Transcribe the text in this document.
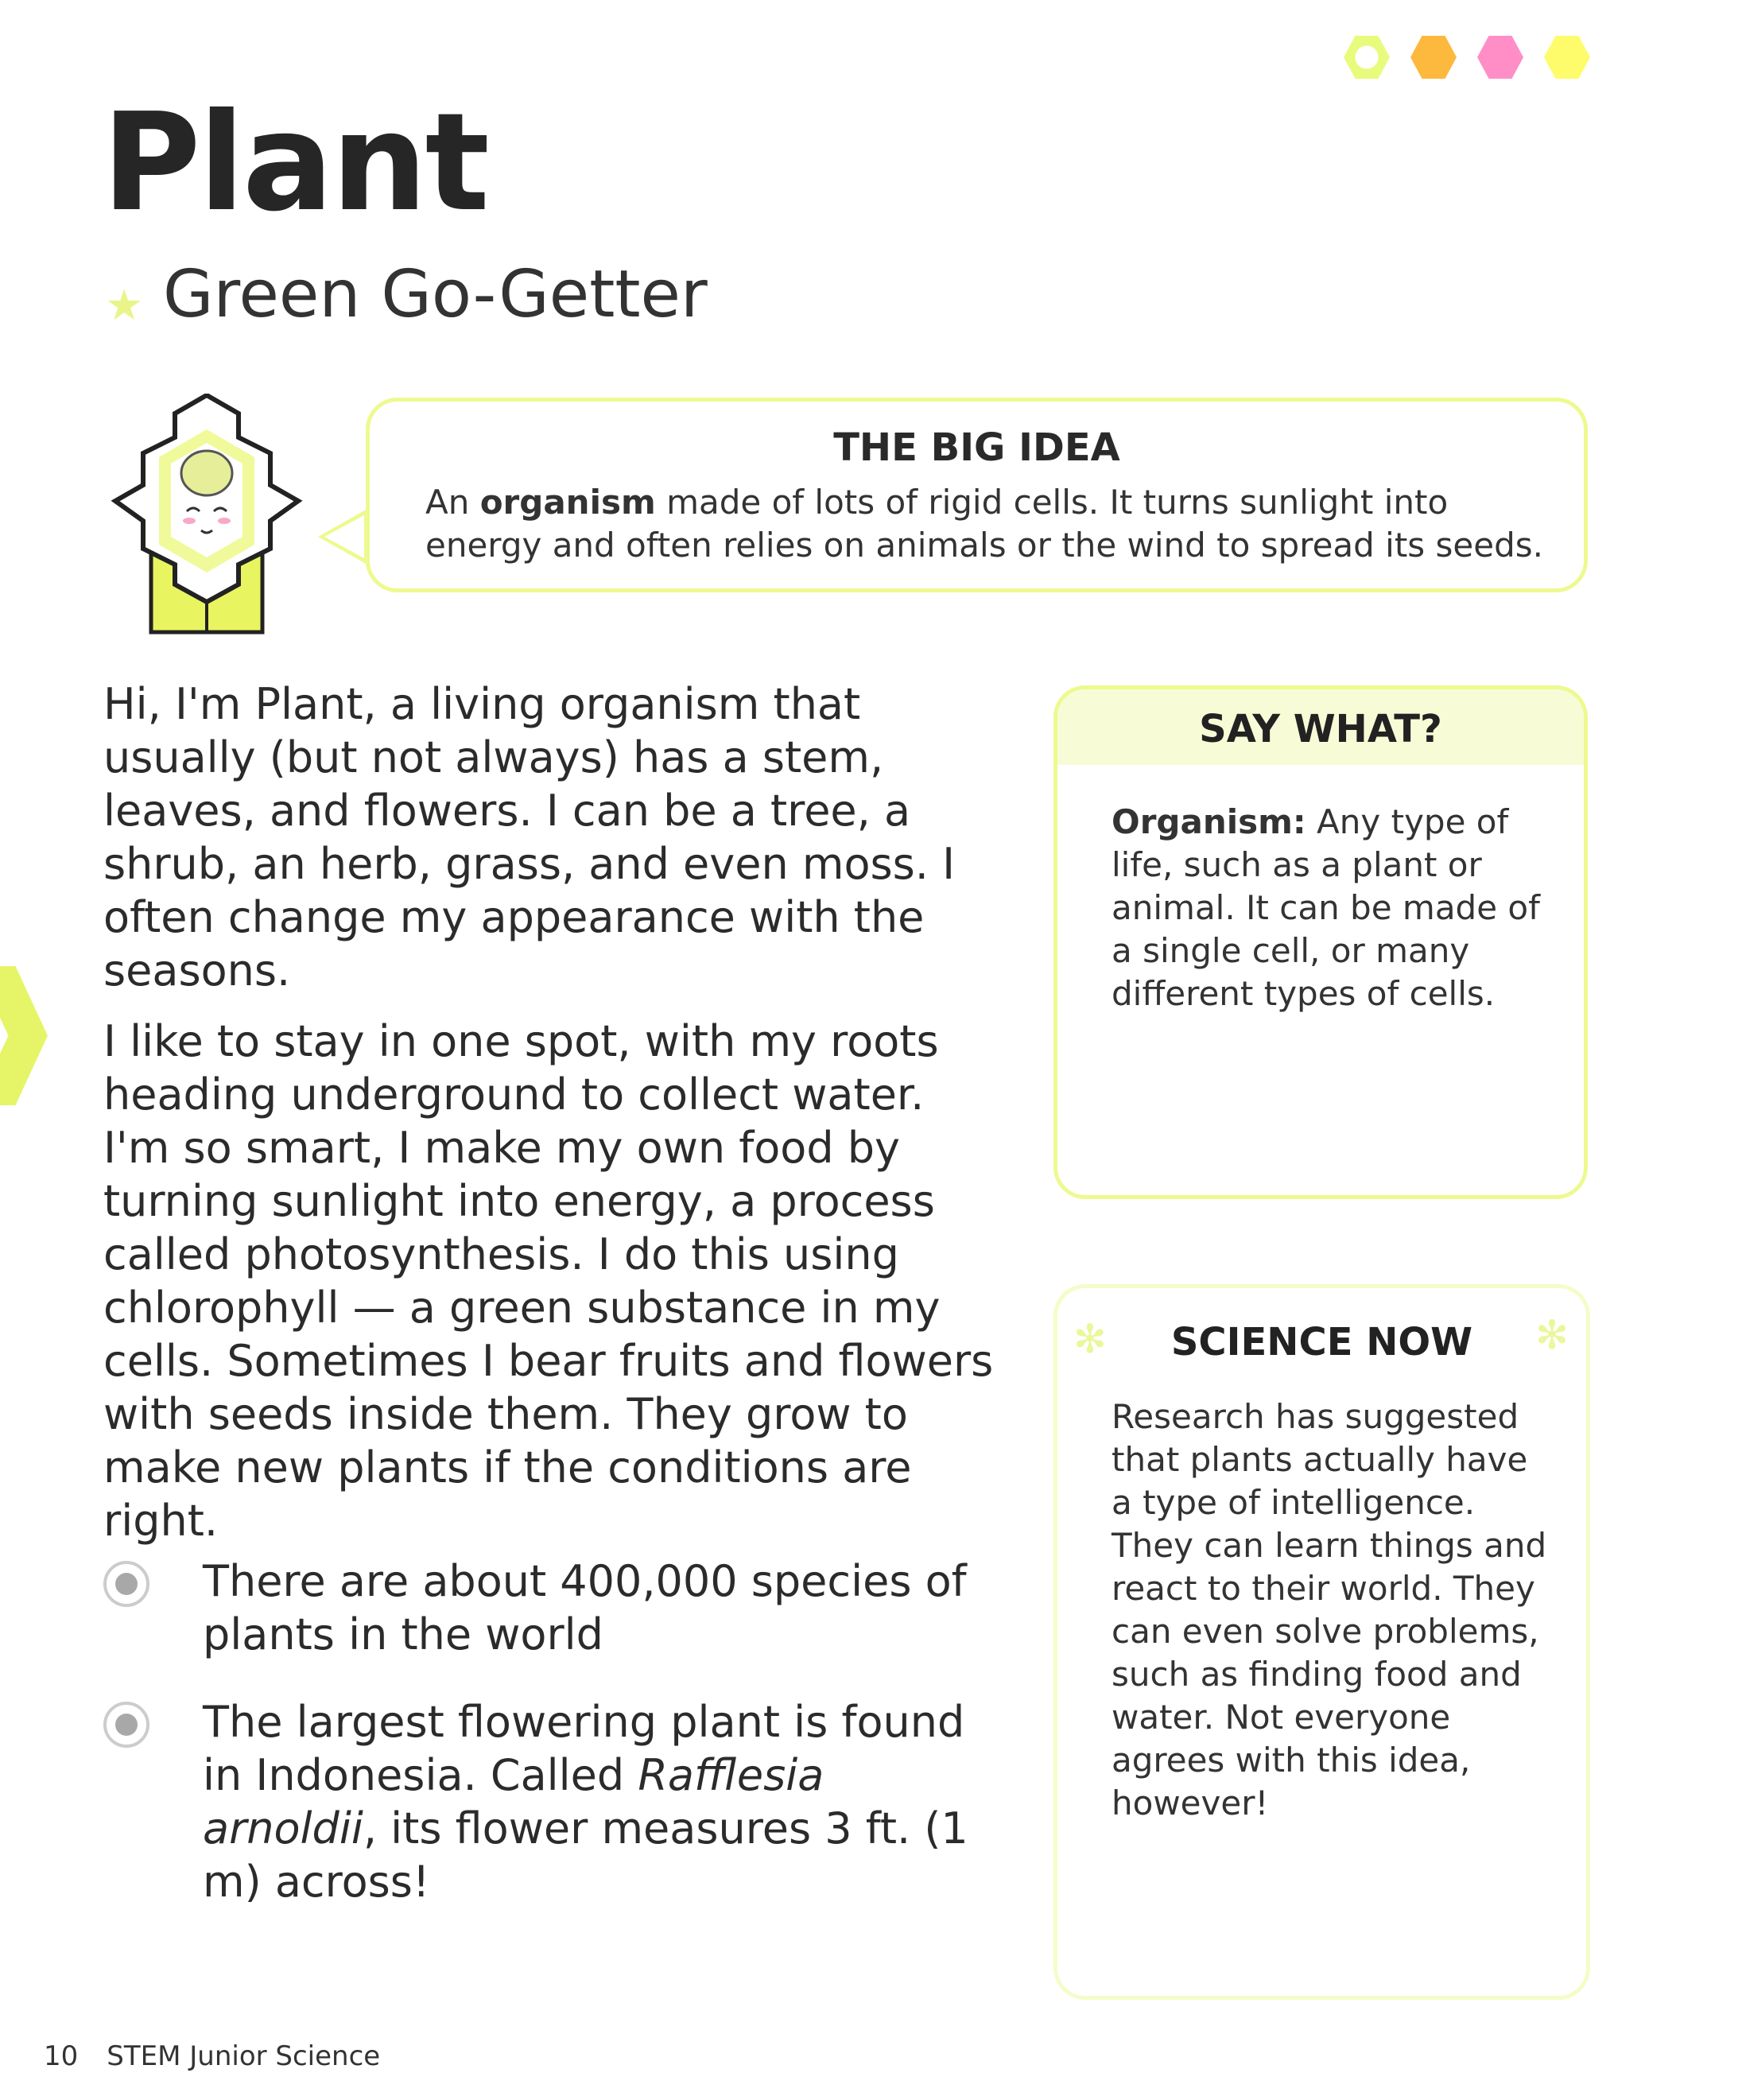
Plant
★ Green Go-Getter
THE BIG IDEA

An organism made of lots of rigid cells. It turns sunlight into energy and often relies on animals or the wind to spread its seeds.

Hi, I'm Plant, a living organism that usually (but not always) has a stem, leaves, and flowers. I can be a tree, a shrub, an herb, grass, and even moss. I often change my appearance with the seasons.

I like to stay in one spot, with my roots heading underground to collect water. I'm so smart, I make my own food by turning sunlight into energy, a process called photosynthesis. I do this using chlorophyll — a green substance in my cells. Sometimes I bear fruits and flowers with seeds inside them. They grow to make new plants if the conditions are right.

There are about 400,000 species of plants in the world
The largest flowering plant is found in Indonesia. Called Rafflesia arnoldii, its flower measures 3 ft. (1 m) across!
SAY WHAT?
Organism: Any type of life, such as a plant or animal. It can be made of a single cell, or many different types of cells.
✻	✻
SCIENCE NOW
Research has suggested that plants actually have a type of intelligence. They can learn things and react to their world. They can even solve problems, such as finding food and water. Not everyone agrees with this idea, however!
10 STEM Junior Science
